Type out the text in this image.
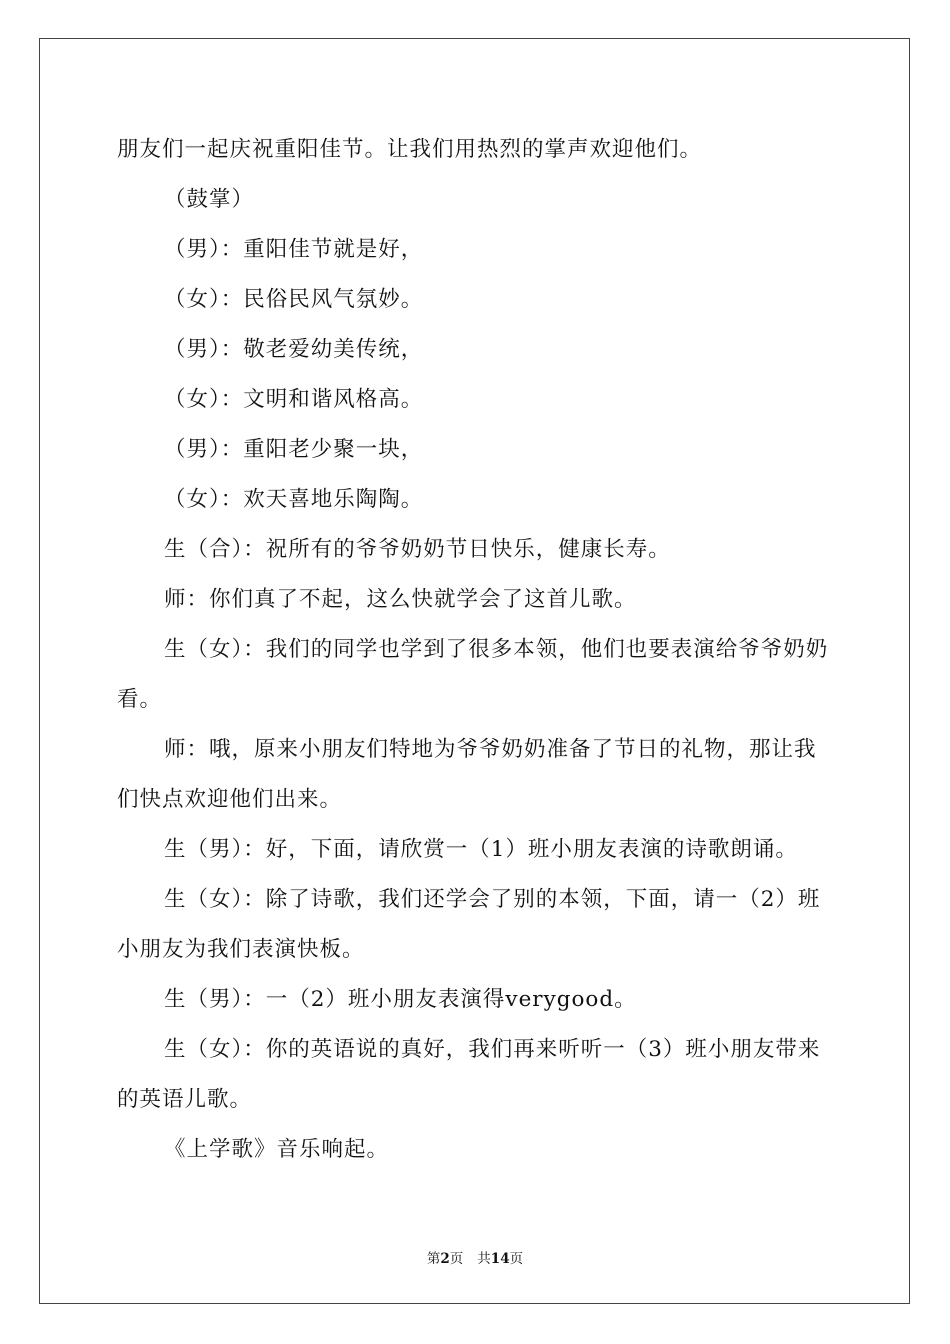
朋友们一起庆祝重阳佳节。让我们用热烈的掌声欢迎他们。

（鼓掌）

（男）：重阳佳节就是好，

（女）：民俗民风气氛妙。

（男）：敬老爱幼美传统，

（女）：文明和谐风格高。

（男）：重阳老少聚一块，

（女）：欢天喜地乐陶陶。

生（合）：祝所有的爷爷奶奶节日快乐，健康长寿。

师：你们真了不起，这么快就学会了这首儿歌。

生（女）：我们的同学也学到了很多本领，他们也要表演给爷爷奶奶看。

师：哦，原来小朋友们特地为爷爷奶奶准备了节日的礼物，那让我们快点欢迎他们出来。

生（男）：好，下面，请欣赏一（1）班小朋友表演的诗歌朗诵。

生（女）：除了诗歌，我们还学会了别的本领，下面，请一（2）班小朋友为我们表演快板。

生（男）：一（2）班小朋友表演得verygood。

生（女）：你的英语说的真好，我们再来听听一（3）班小朋友带来的英语儿歌。

《上学歌》音乐响起。

第2页 共14页
